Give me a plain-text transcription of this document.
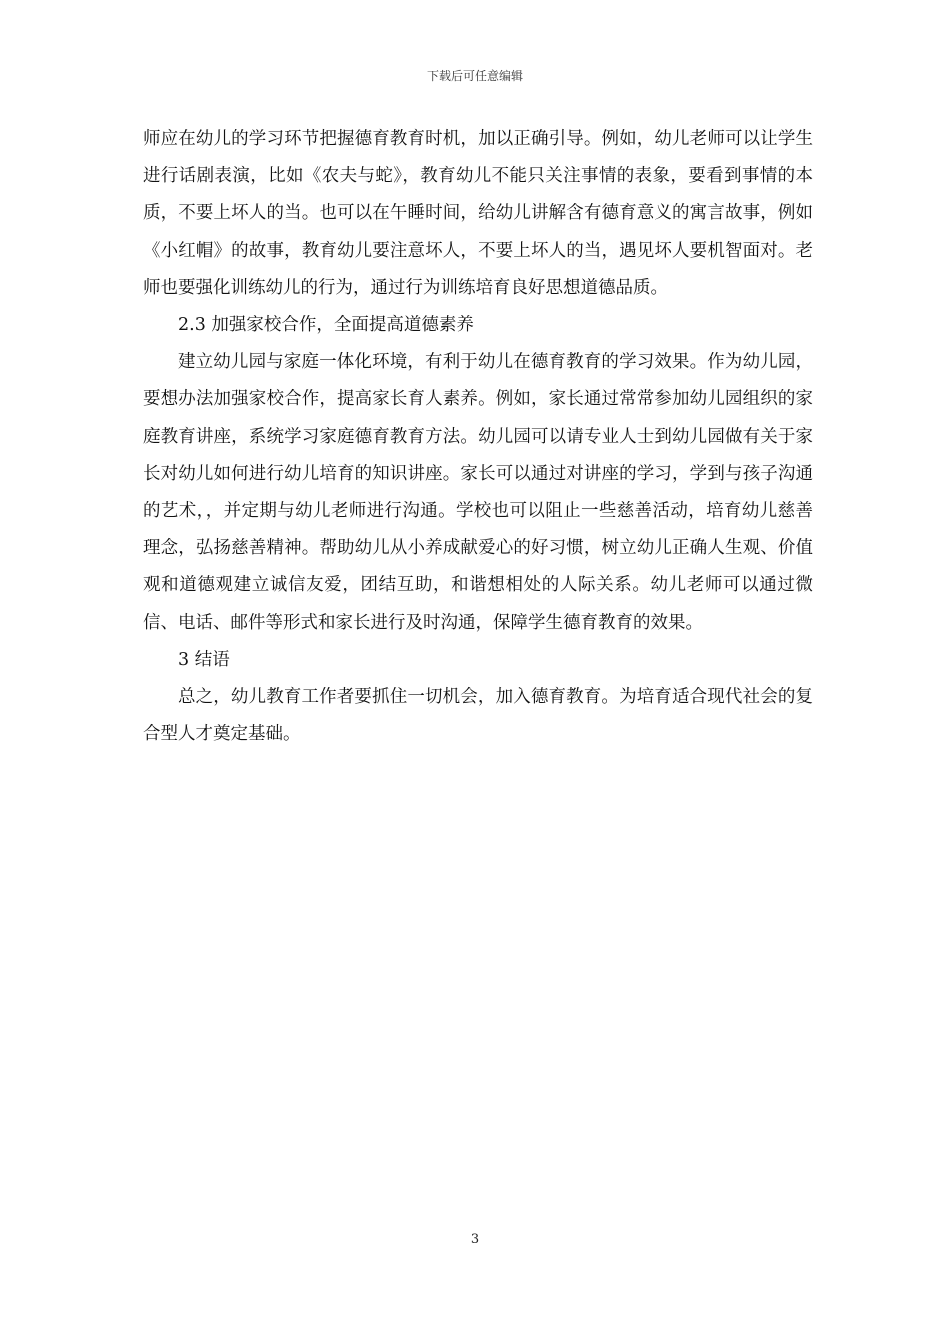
下载后可任意编辑

师应在幼儿的学习环节把握德育教育时机，加以正确引导。例如，幼儿老师可以让学生进行话剧表演，比如《农夫与蛇》，教育幼儿不能只关注事情的表象，要看到事情的本质，不要上坏人的当。也可以在午睡时间，给幼儿讲解含有德育意义的寓言故事，例如《小红帽》的故事，教育幼儿要注意坏人，不要上坏人的当，遇见坏人要机智面对。老师也要强化训练幼儿的行为，通过行为训练培育良好思想道德品质。

2.3 加强家校合作，全面提高道德素养

建立幼儿园与家庭一体化环境，有利于幼儿在德育教育的学习效果。作为幼儿园，要想办法加强家校合作，提高家长育人素养。例如，家长通过常常参加幼儿园组织的家庭教育讲座，系统学习家庭德育教育方法。幼儿园可以请专业人士到幼儿园做有关于家长对幼儿如何进行幼儿培育的知识讲座。家长可以通过对讲座的学习，学到与孩子沟通的艺术，，并定期与幼儿老师进行沟通。学校也可以阻止一些慈善活动，培育幼儿慈善理念，弘扬慈善精神。帮助幼儿从小养成献爱心的好习惯，树立幼儿正确人生观、价值观和道德观建立诚信友爱，团结互助，和谐想相处的人际关系。幼儿老师可以通过微信、电话、邮件等形式和家长进行及时沟通，保障学生德育教育的效果。

3 结语

总之，幼儿教育工作者要抓住一切机会，加入德育教育。为培育适合现代社会的复合型人才奠定基础。

3
